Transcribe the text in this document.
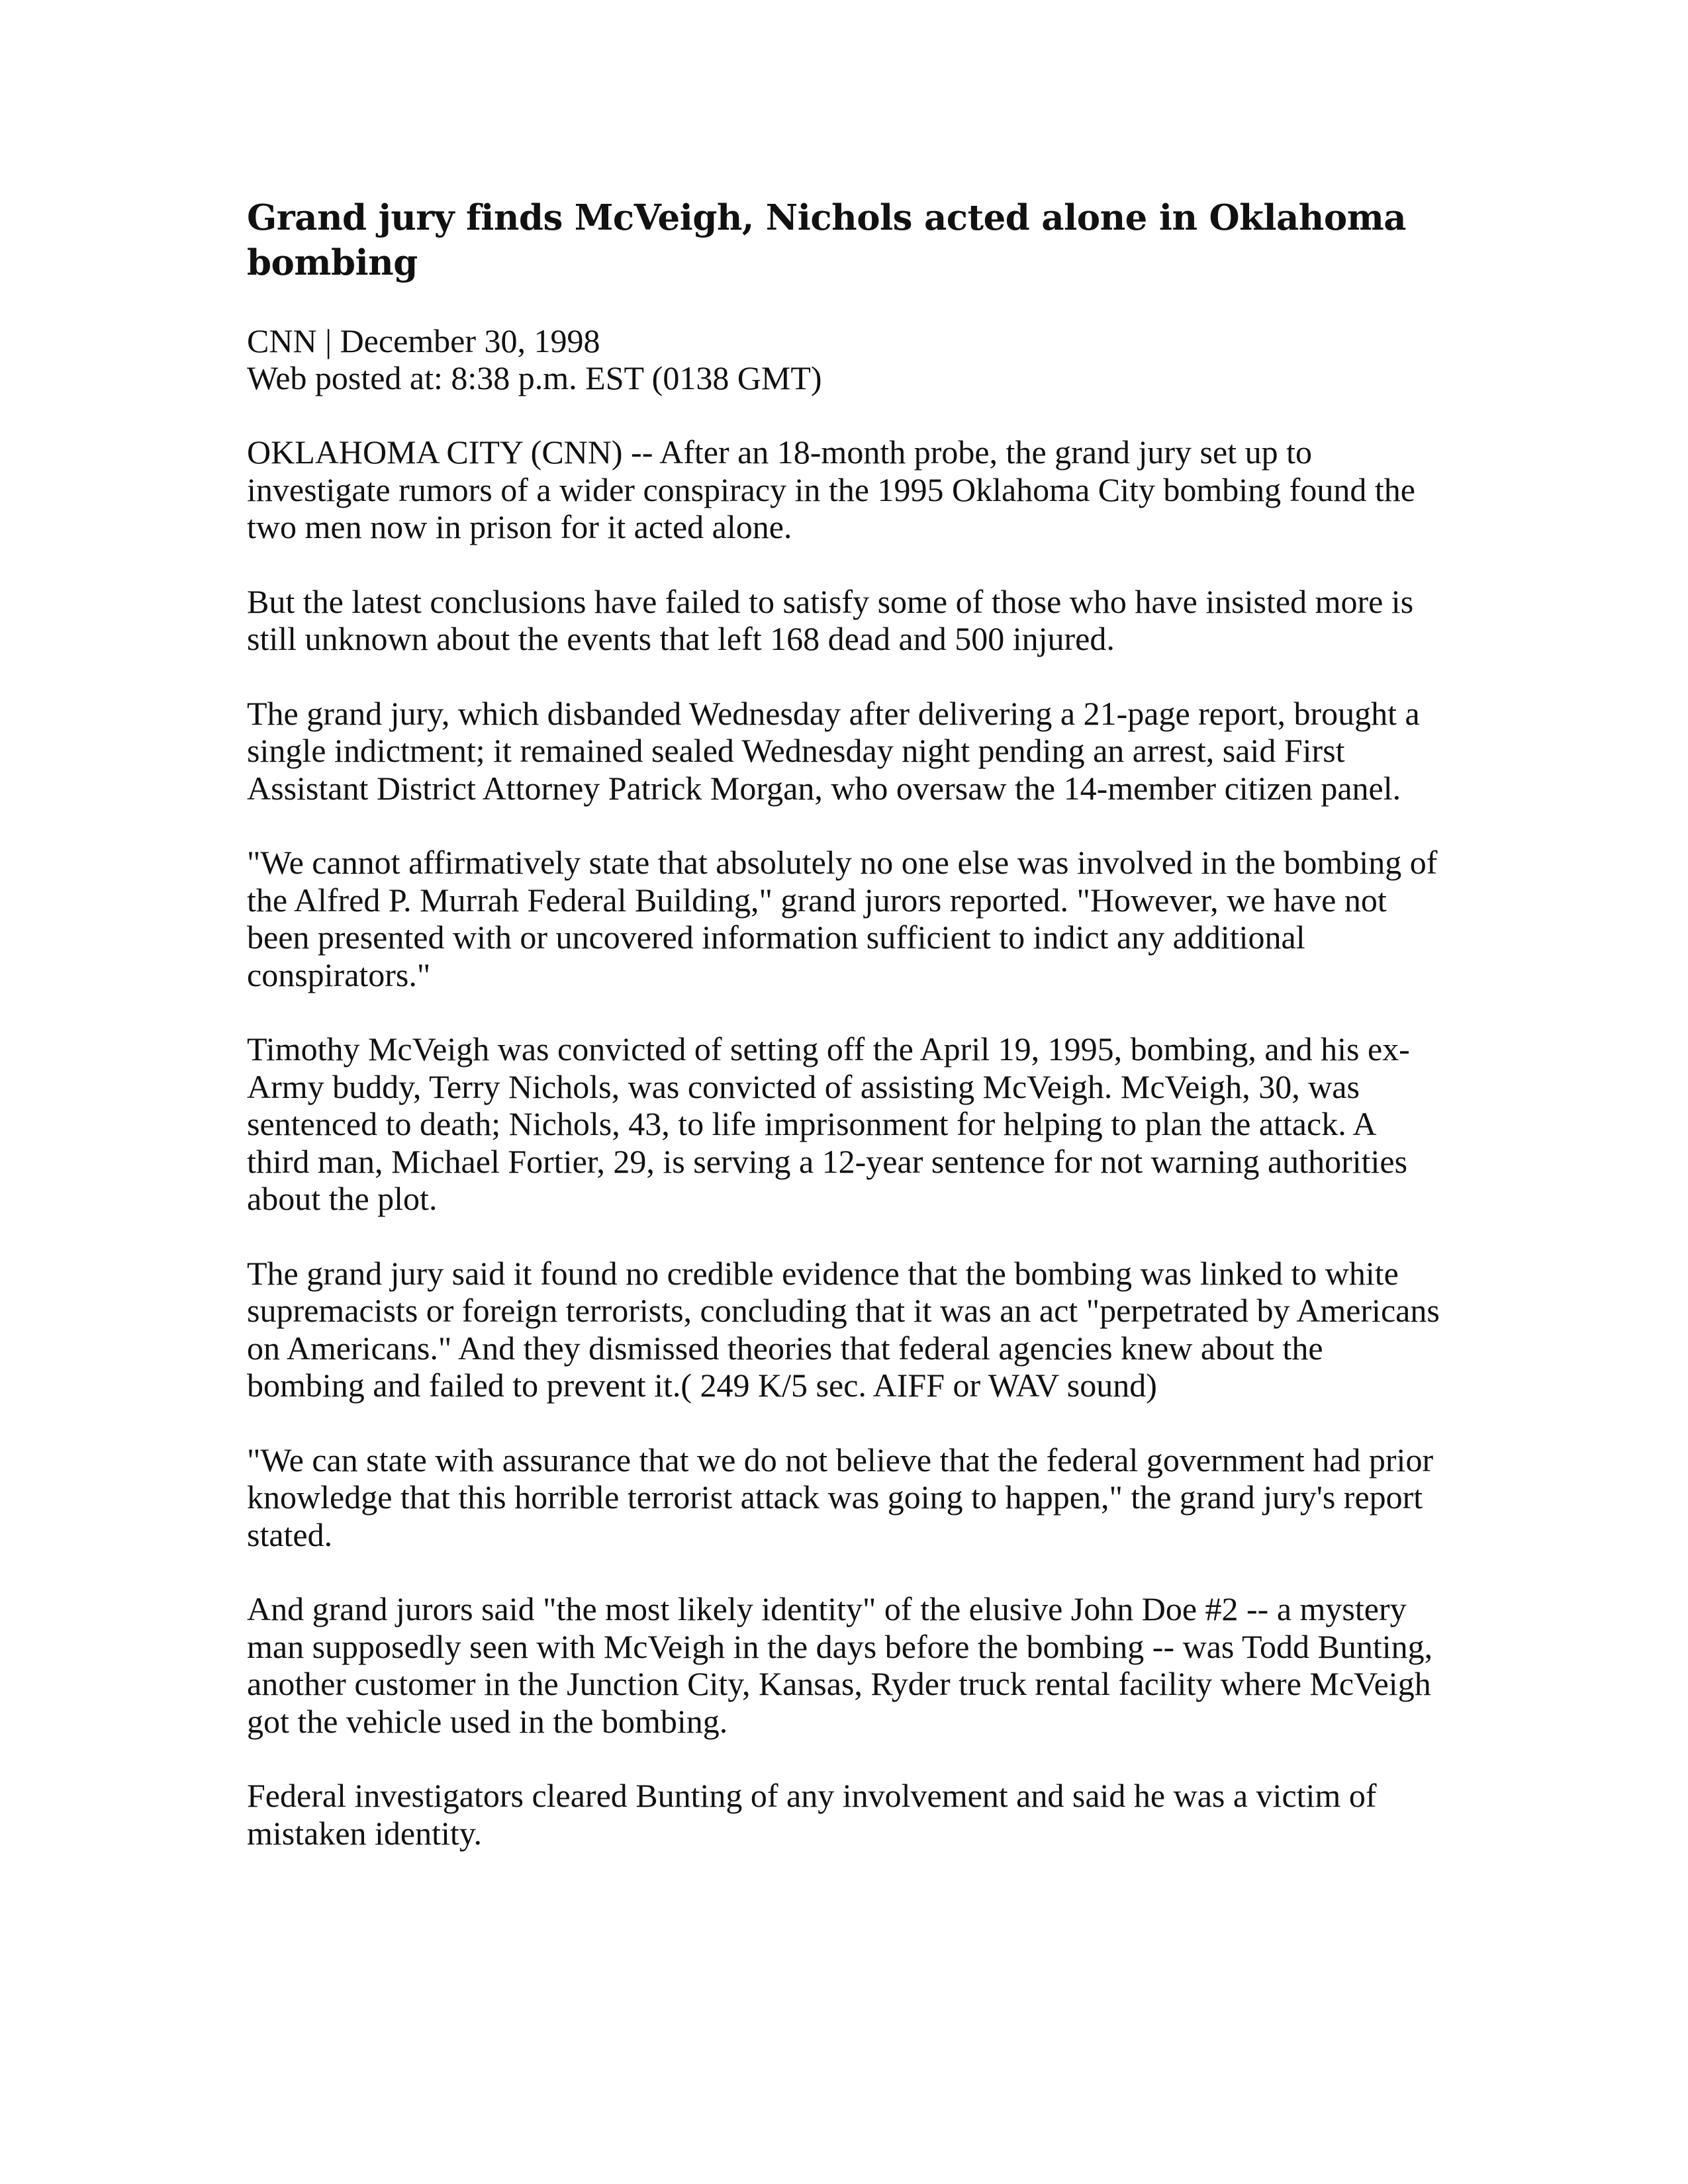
Grand jury finds McVeigh, Nichols acted alone in Oklahoma bombing
CNN | December 30, 1998
Web posted at: 8:38 p.m. EST (0138 GMT)

OKLAHOMA CITY (CNN) -- After an 18-month probe, the grand jury set up to investigate rumors of a wider conspiracy in the 1995 Oklahoma City bombing found the two men now in prison for it acted alone.

But the latest conclusions have failed to satisfy some of those who have insisted more is still unknown about the events that left 168 dead and 500 injured.

The grand jury, which disbanded Wednesday after delivering a 21-page report, brought a single indictment; it remained sealed Wednesday night pending an arrest, said First Assistant District Attorney Patrick Morgan, who oversaw the 14-member citizen panel.

"We cannot affirmatively state that absolutely no one else was involved in the bombing of the Alfred P. Murrah Federal Building," grand jurors reported. "However, we have not been presented with or uncovered information sufficient to indict any additional conspirators."

Timothy McVeigh was convicted of setting off the April 19, 1995, bombing, and his ex-Army buddy, Terry Nichols, was convicted of assisting McVeigh. McVeigh, 30, was sentenced to death; Nichols, 43, to life imprisonment for helping to plan the attack. A third man, Michael Fortier, 29, is serving a 12-year sentence for not warning authorities about the plot.

The grand jury said it found no credible evidence that the bombing was linked to white supremacists or foreign terrorists, concluding that it was an act "perpetrated by Americans on Americans." And they dismissed theories that federal agencies knew about the bombing and failed to prevent it.( 249 K/5 sec. AIFF or WAV sound)

"We can state with assurance that we do not believe that the federal government had prior knowledge that this horrible terrorist attack was going to happen," the grand jury's report stated.

And grand jurors said "the most likely identity" of the elusive John Doe #2 -- a mystery man supposedly seen with McVeigh in the days before the bombing -- was Todd Bunting, another customer in the Junction City, Kansas, Ryder truck rental facility where McVeigh got the vehicle used in the bombing.

Federal investigators cleared Bunting of any involvement and said he was a victim of mistaken identity.
